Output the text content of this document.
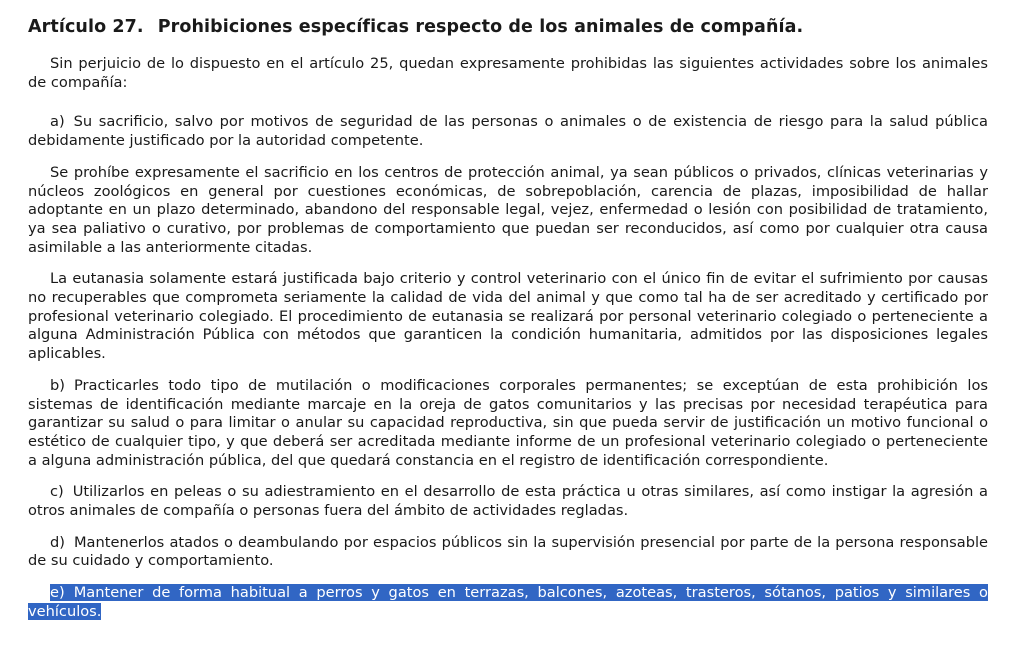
Artículo 27. Prohibiciones específicas respecto de los animales de compañía.

Sin perjuicio de lo dispuesto en el artículo 25, quedan expresamente prohibidas las siguientes actividades sobre los animales de compañía:

a) Su sacrificio, salvo por motivos de seguridad de las personas o animales o de existencia de riesgo para la salud pública debidamente justificado por la autoridad competente.

Se prohíbe expresamente el sacrificio en los centros de protección animal, ya sean públicos o privados, clínicas veterinarias y núcleos zoológicos en general por cuestiones económicas, de sobrepoblación, carencia de plazas, imposibilidad de hallar adoptante en un plazo determinado, abandono del responsable legal, vejez, enfermedad o lesión con posibilidad de tratamiento, ya sea paliativo o curativo, por problemas de comportamiento que puedan ser reconducidos, así como por cualquier otra causa asimilable a las anteriormente citadas.

La eutanasia solamente estará justificada bajo criterio y control veterinario con el único fin de evitar el sufrimiento por causas no recuperables que comprometa seriamente la calidad de vida del animal y que como tal ha de ser acreditado y certificado por profesional veterinario colegiado. El procedimiento de eutanasia se realizará por personal veterinario colegiado o perteneciente a alguna Administración Pública con métodos que garanticen la condición humanitaria, admitidos por las disposiciones legales aplicables.

b) Practicarles todo tipo de mutilación o modificaciones corporales permanentes; se exceptúan de esta prohibición los sistemas de identificación mediante marcaje en la oreja de gatos comunitarios y las precisas por necesidad terapéutica para garantizar su salud o para limitar o anular su capacidad reproductiva, sin que pueda servir de justificación un motivo funcional o estético de cualquier tipo, y que deberá ser acreditada mediante informe de un profesional veterinario colegiado o perteneciente a alguna administración pública, del que quedará constancia en el registro de identificación correspondiente.

c) Utilizarlos en peleas o su adiestramiento en el desarrollo de esta práctica u otras similares, así como instigar la agresión a otros animales de compañía o personas fuera del ámbito de actividades regladas.

d) Mantenerlos atados o deambulando por espacios públicos sin la supervisión presencial por parte de la persona responsable de su cuidado y comportamiento.

e) Mantener de forma habitual a perros y gatos en terrazas, balcones, azoteas, trasteros, sótanos, patios y similares o vehículos.
